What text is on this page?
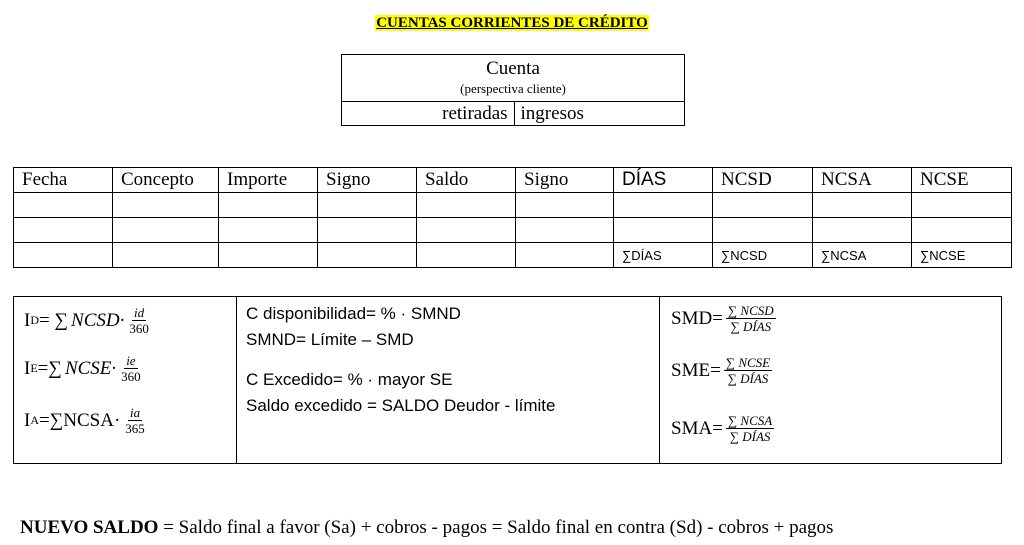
CUENTAS CORRIENTES DE CRÉDITO
Cuenta
(perspectiva cliente)
retiradas ingresos
Fecha	Concepto	Importe	Signo	Saldo	Signo	DÍAS	NCSD	NCSA	NCSE

						∑DÍAS	∑NCSD	∑NCSA	∑NCSE
I D = ∑ NCSD· $\frac{id}{360}$
I E =∑ NCSE· $\frac{ie}{360}$
I A =∑NCSA· $\frac{ia}{365}$
C disponibilidad= % · SMND
SMND= Límite – SMD
C Excedido= % · mayor SE
Saldo excedido = SALDO Deudor - límite
$SMD= \frac{\text{∑ NCSD}}{\text{∑ DÍAS}}$
$SME= \frac{\text{∑ NCSE}}{\text{∑ DÍAS}}$
$SMA= \frac{\text{∑ NCSA}}{\text{∑ DÍAS}}$
NUEVO SALDO = Saldo final a favor (Sa) + cobros - pagos = Saldo final en contra (Sd) - cobros + pagos
